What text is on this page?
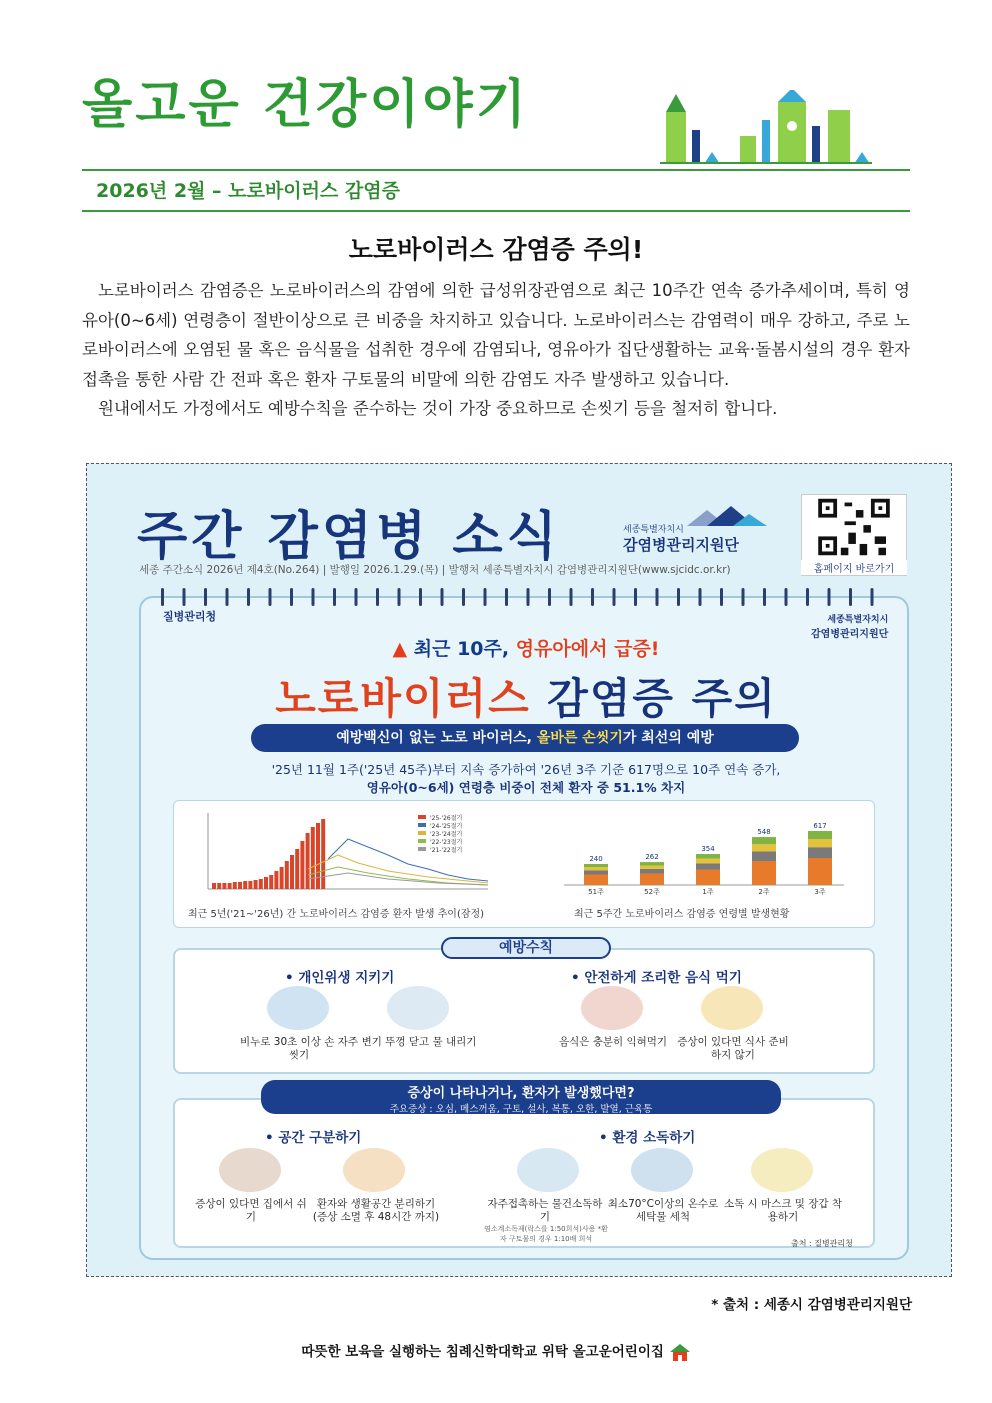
올고운 건강이야기
2026년 2월 – 노로바이러스 감염증
노로바이러스 감염증 주의!

노로바이러스 감염증은 노로바이러스의 감염에 의한 급성위장관염으로 최근 10주간 연속 증가추세이며, 특히 영유아(0~6세) 연령층이 절반이상으로 큰 비중을 차지하고 있습니다. 노로바이러스는 감염력이 매우 강하고, 주로 노로바이러스에 오염된 물 혹은 음식물을 섭취한 경우에 감염되나, 영유아가 집단생활하는 교육·돌봄시설의 경우 환자접촉을 통한 사람 간 전파 혹은 환자 구토물의 비말에 의한 감염도 자주 발생하고 있습니다.

원내에서도 가정에서도 예방수칙을 준수하는 것이 가장 중요하므로 손씻기 등을 철저히 합니다.

주간 감염병 소식	세종특별자치시
감염병관리지원단
홈페이지 바로가기
세종 주간소식 2026년 제4호(No.264) | 발행일 2026.1.29.(목) | 발행처 세종특별자치시 감염병관리지원단(www.sjcidc.or.kr)
질병관리청	세종특별자치시
감염병관리지원단
▲ 최근 10주, 영유아에서 급증!
노로바이러스 감염증 주의
예방백신이 없는 노로 바이러스, 올바른 손씻기가 최선의 예방
'25년 11월 1주('25년 45주)부터 지속 증가하여 '26년 3주 기준 617명으로 10주 연속 증가,
영유아(0~6세) 연령층 비중이 전체 환자 중 51.1% 차지
'25-'26절기
'24-'25절기
'23-'24절기
'22-'23절기
'21-'22절기
240
51주
262
52주
354
1주
548
2주
617
3주
최근 5년('21~'26년) 간 노로바이러스 감염증 환자 발생 추이(잠정)	최근 5주간 노로바이러스 감염증 연령별 발생현황
• 개인위생 지키기	• 안전하게 조리한 음식 먹기
비누로 30초 이상 손 자주 씻기
변기 뚜껑 닫고 물 내리기	음식은 충분히 익혀먹기 증상이 있다면 식사 준비하지 않기
예방수칙
• 공간 구분하기	• 환경 소독하기
증상이 있다면 집에서 쉬기
환자와 생활공간 분리하기 (증상 소멸 후 48시간 까지)
자주접촉하는 물건소독하기
염소계소독제(락스를 1:50희석)사용 *환자 구토물의 경우 1:10배 희석
최소70°C이상의 온수로 세탁물 세척
소독 시 마스크 및 장갑 착용하기
증상이 나타나거나, 환자가 발생했다면?
주요증상 : 오심, 메스꺼움, 구토, 설사, 복통, 오한, 발열, 근육통
출처 : 질병관리청
* 출처 : 세종시 감염병관리지원단
따뜻한 보육을 실행하는 침례신학대학교 위탁 올고운어린이집
